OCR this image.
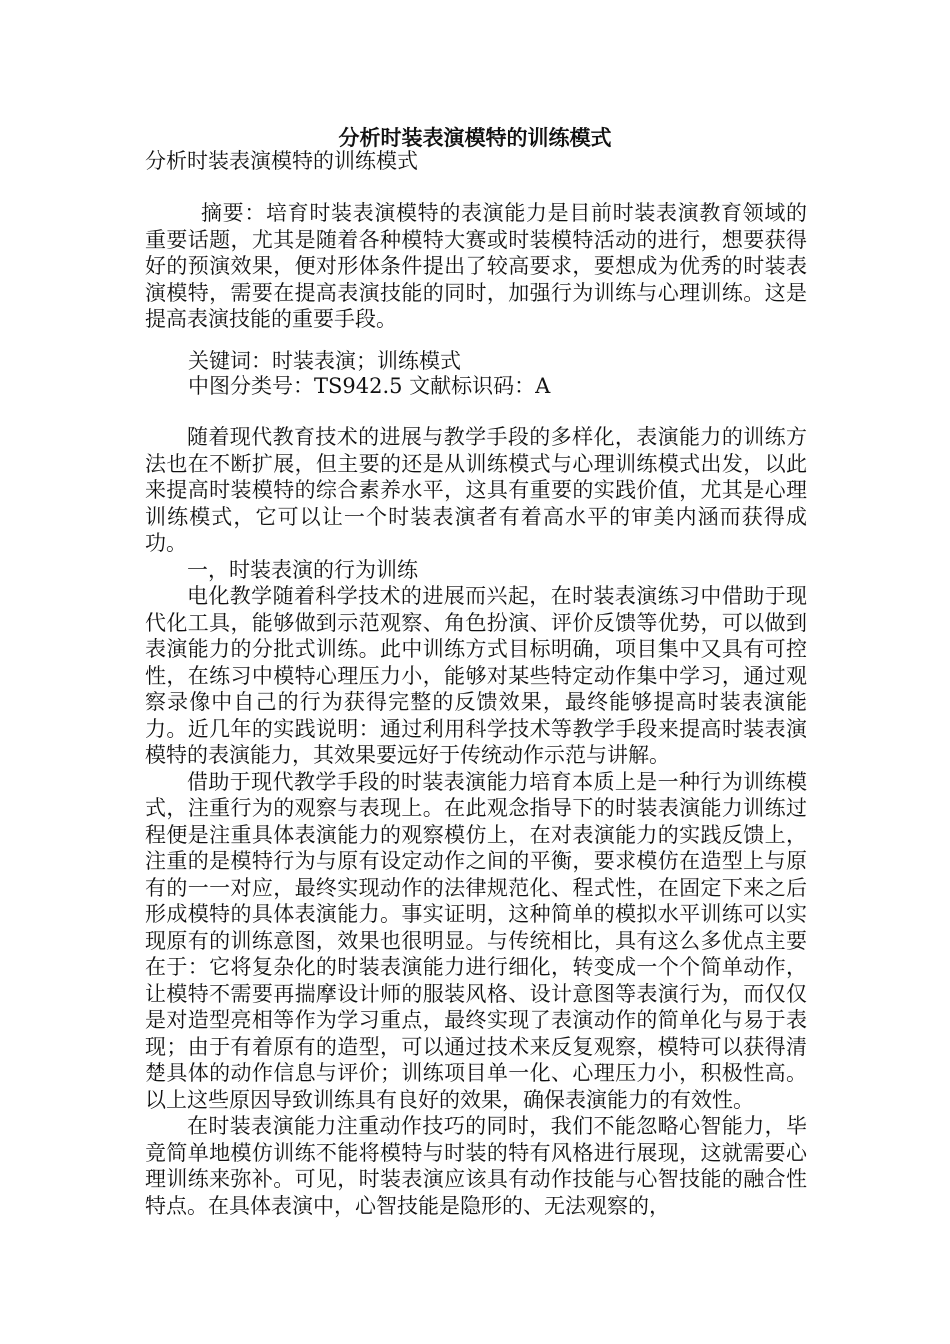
分析时装表演模特的训练模式
分析时装表演模特的训练模式
摘要：培育时装表演模特的表演能力是目前时装表演教育领域的重要话题，尤其是随着各种模特大赛或时装模特活动的进行，想要获得好的预演效果，便对形体条件提出了较高要求，要想成为优秀的时装表演模特，需要在提高表演技能的同时，加强行为训练与心理训练。这是提高表演技能的重要手段。
关键词：时装表演；训练模式
中图分类号：TS942.5 文献标识码：A

随着现代教育技术的进展与教学手段的多样化，表演能力的训练方法也在不断扩展，但主要的还是从训练模式与心理训练模式出发，以此来提高时装模特的综合素养水平，这具有重要的实践价值，尤其是心理训练模式，它可以让一个时装表演者有着高水平的审美内涵而获得成功。

一，时装表演的行为训练

电化教学随着科学技术的进展而兴起，在时装表演练习中借助于现代化工具，能够做到示范观察、角色扮演、评价反馈等优势，可以做到表演能力的分批式训练。此中训练方式目标明确，项目集中又具有可控性，在练习中模特心理压力小，能够对某些特定动作集中学习，通过观察录像中自己的行为获得完整的反馈效果，最终能够提高时装表演能力。近几年的实践说明：通过利用科学技术等教学手段来提高时装表演模特的表演能力，其效果要远好于传统动作示范与讲解。

借助于现代教学手段的时装表演能力培育本质上是一种行为训练模式，注重行为的观察与表现上。在此观念指导下的时装表演能力训练过程便是注重具体表演能力的观察模仿上，在对表演能力的实践反馈上，注重的是模特行为与原有设定动作之间的平衡，要求模仿在造型上与原有的一一对应，最终实现动作的法律规范化、程式性，在固定下来之后形成模特的具体表演能力。事实证明，这种简单的模拟水平训练可以实现原有的训练意图，效果也很明显。与传统相比，具有这么多优点主要在于：它将复杂化的时装表演能力进行细化，转变成一个个简单动作，让模特不需要再揣摩设计师的服装风格、设计意图等表演行为，而仅仅是对造型亮相等作为学习重点，最终实现了表演动作的简单化与易于表现；由于有着原有的造型，可以通过技术来反复观察，模特可以获得清楚具体的动作信息与评价；训练项目单一化、心理压力小，积极性高。以上这些原因导致训练具有良好的效果，确保表演能力的有效性。

在时装表演能力注重动作技巧的同时，我们不能忽略心智能力，毕竟简单地模仿训练不能将模特与时装的特有风格进行展现，这就需要心理训练来弥补。可见，时装表演应该具有动作技能与心智技能的融合性特点。在具体表演中，心智技能是隐形的、无法观察的，
